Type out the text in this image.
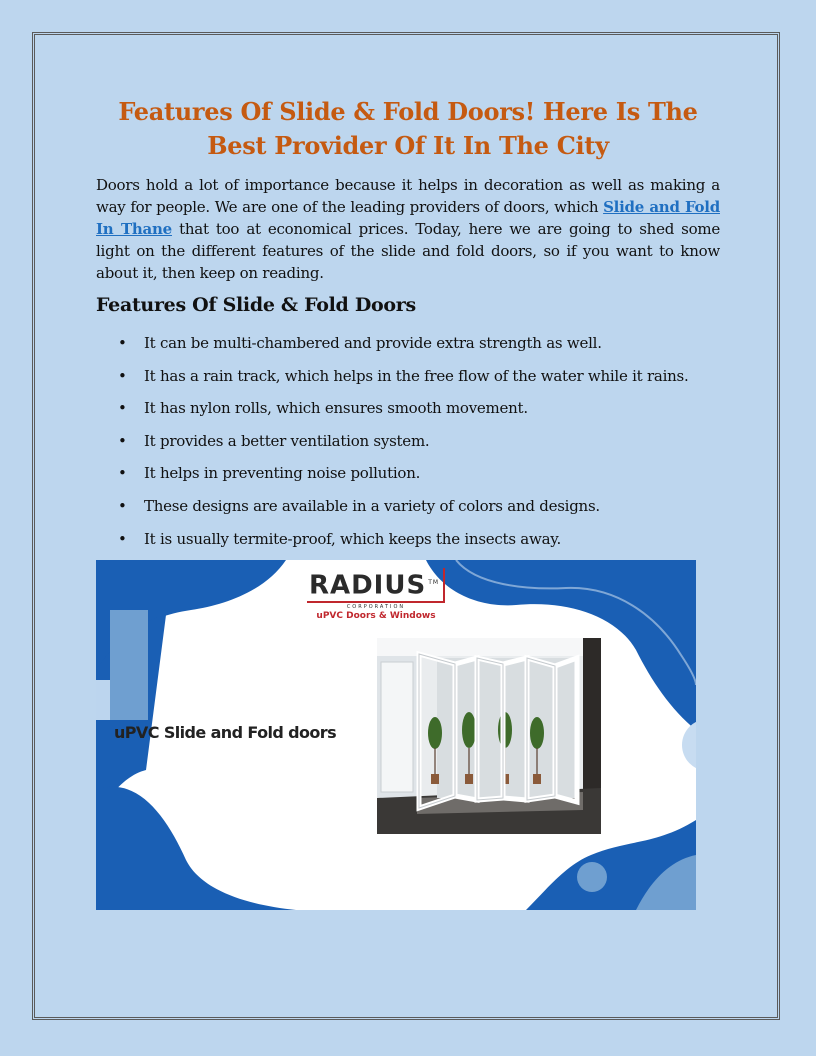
Features Of Slide & Fold Doors! Here Is The Best Provider Of It In The City

Doors hold a lot of importance because it helps in decoration as well as making a way for people. We are one of the leading providers of doors, which Slide and Fold In Thane that too at economical prices. Today, here we are going to shed some light on the different features of the slide and fold doors, so if you want to know about it, then keep on reading.

Features Of Slide & Fold Doors
• It can be multi-chambered and provide extra strength as well.
• It has a rain track, which helps in the free flow of the water while it rains.
• It has nylon rolls, which ensures smooth movement.
• It provides a better ventilation system.
• It helps in preventing noise pollution.
• These designs are available in a variety of colors and designs.
• It is usually termite-proof, which keeps the insects away.
RADIUS ™
CORPORATION
uPVC Doors & Windows
uPVC Slide and Fold doors
